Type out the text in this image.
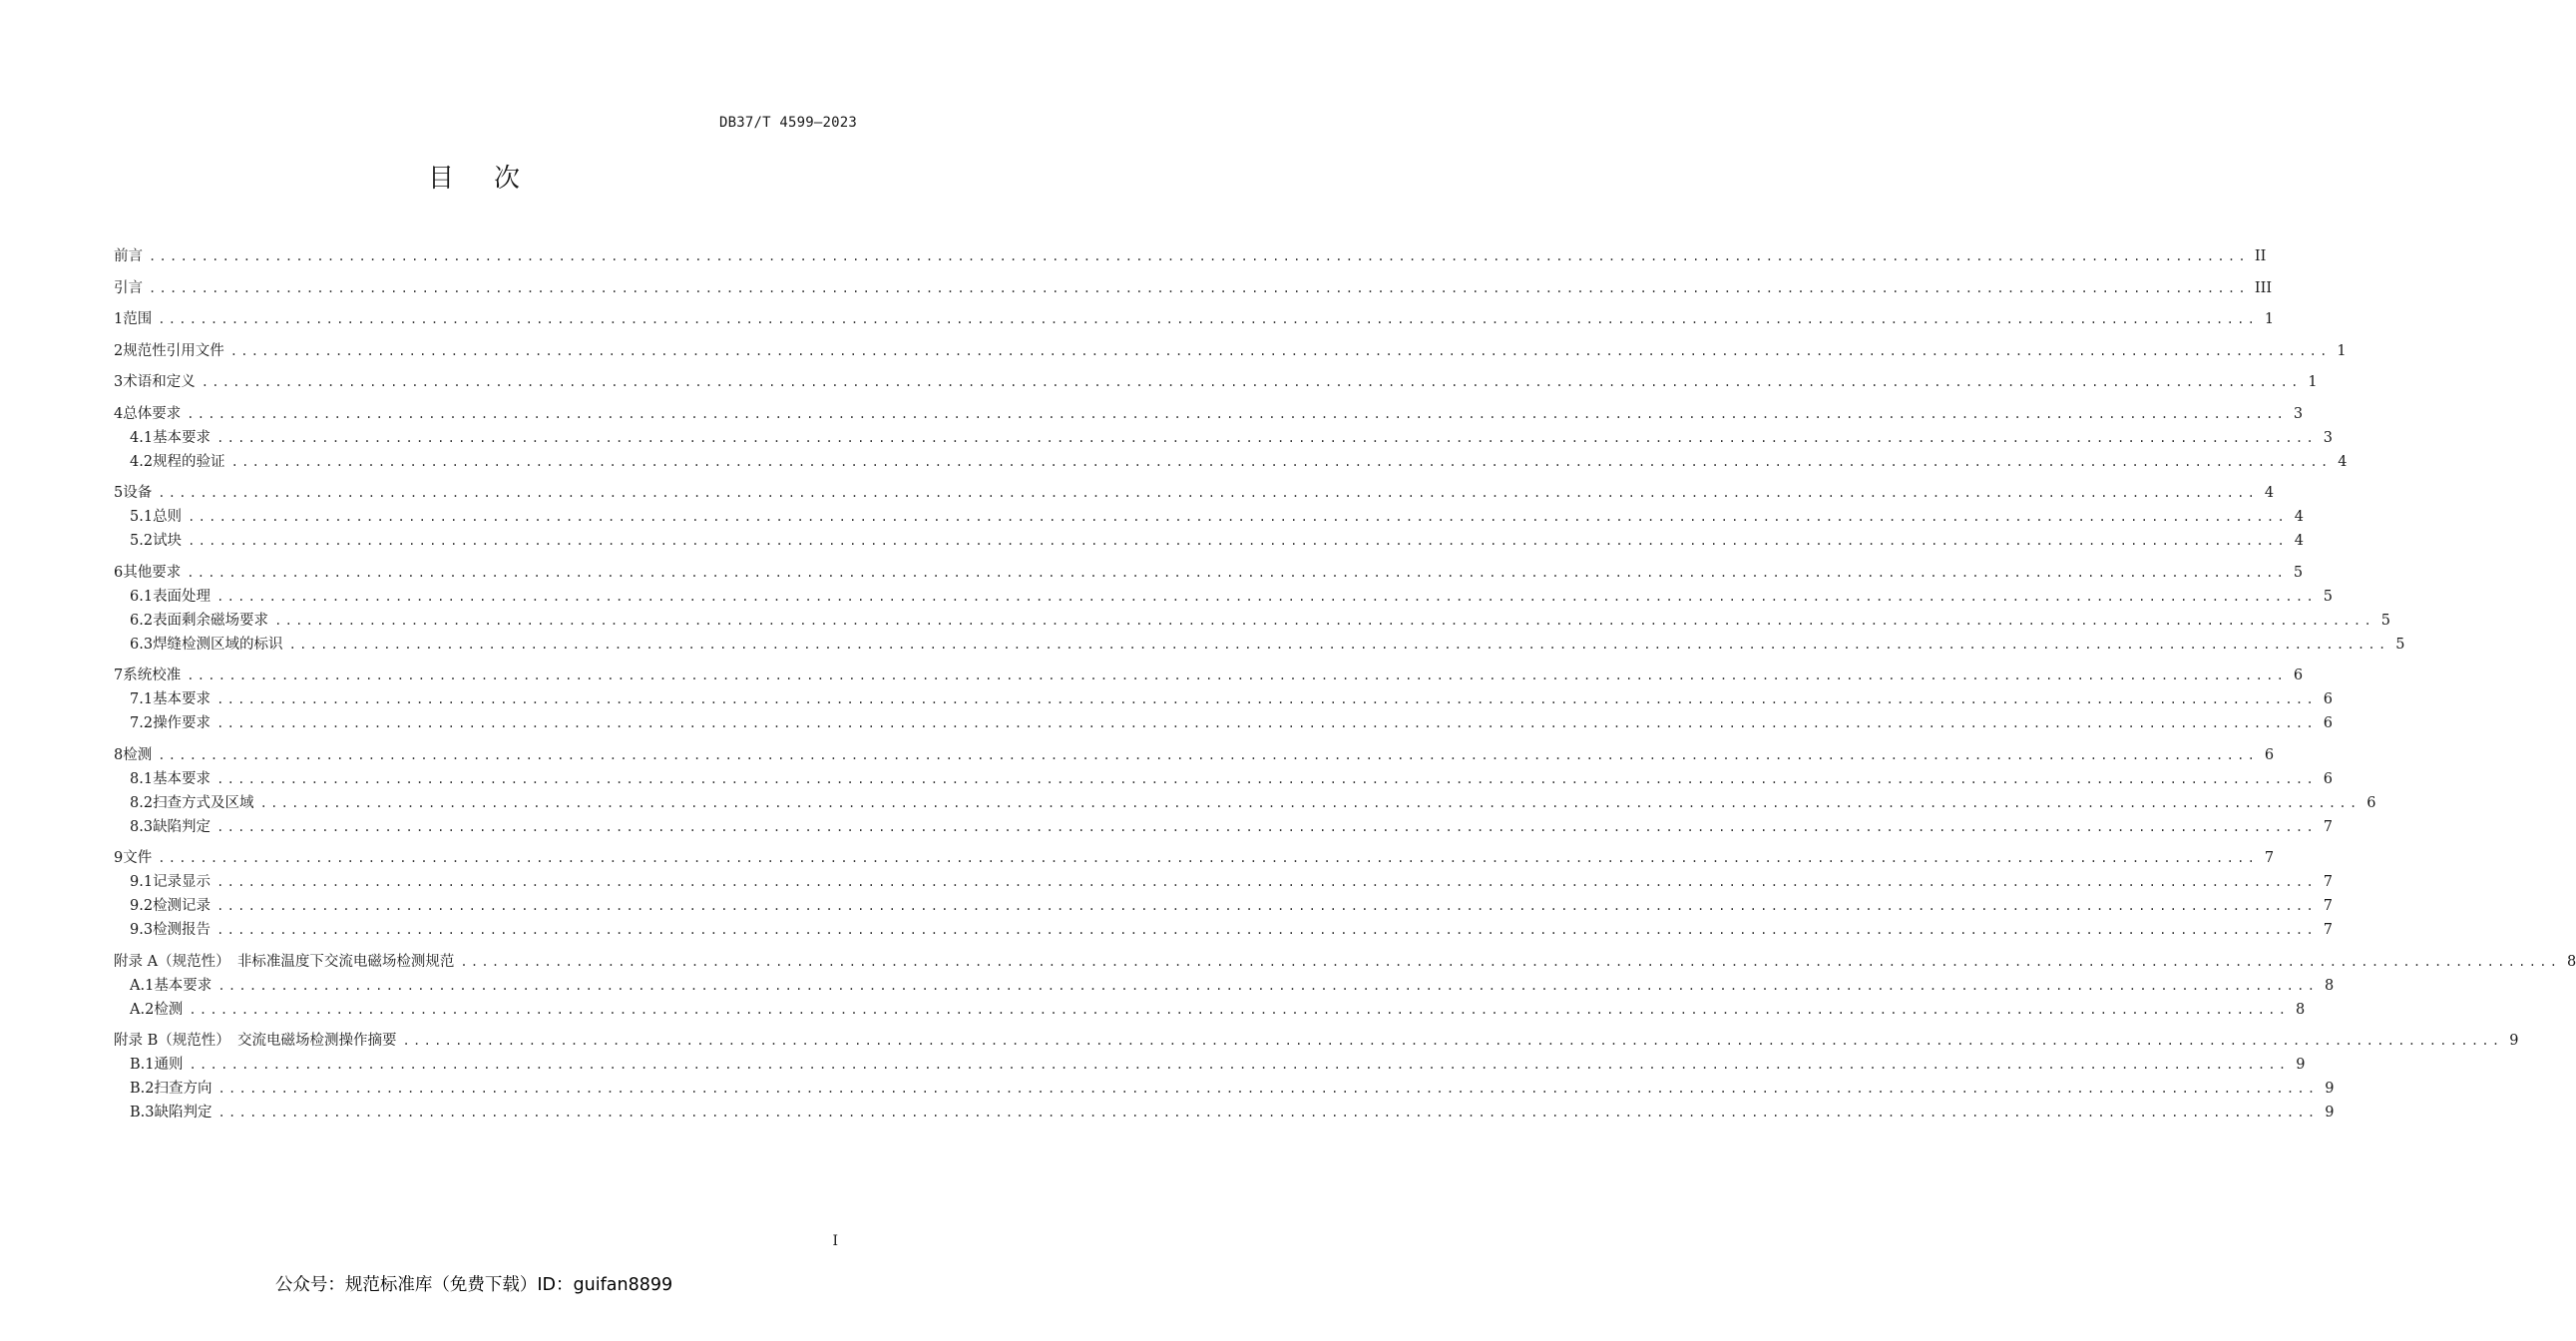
DB37/T 4599—2023
目次
前言 ........................................................................................................................................................................................................ II
引言 ........................................................................................................................................................................................................ III
1 范围 ........................................................................................................................................................................................................ 1
2 规范性引用文件 ........................................................................................................................................................................................................ 1
3 术语和定义 ........................................................................................................................................................................................................ 1
4 总体要求 ........................................................................................................................................................................................................ 3
4.1 基本要求 ........................................................................................................................................................................................................ 3
4.2 规程的验证 ........................................................................................................................................................................................................ 4
5 设备 ........................................................................................................................................................................................................ 4
5.1 总则 ........................................................................................................................................................................................................ 4
5.2 试块 ........................................................................................................................................................................................................ 4
6 其他要求 ........................................................................................................................................................................................................ 5
6.1 表面处理 ........................................................................................................................................................................................................ 5
6.2 表面剩余磁场要求 ........................................................................................................................................................................................................ 5
6.3 焊缝检测区域的标识 ........................................................................................................................................................................................................ 5
7 系统校准 ........................................................................................................................................................................................................ 6
7.1 基本要求 ........................................................................................................................................................................................................ 6
7.2 操作要求 ........................................................................................................................................................................................................ 6
8 检测 ........................................................................................................................................................................................................ 6
8.1 基本要求 ........................................................................................................................................................................................................ 6
8.2 扫查方式及区域 ........................................................................................................................................................................................................ 6
8.3 缺陷判定 ........................................................................................................................................................................................................ 7
9 文件 ........................................................................................................................................................................................................ 7
9.1 记录显示 ........................................................................................................................................................................................................ 7
9.2 检测记录 ........................................................................................................................................................................................................ 7
9.3 检测报告 ........................................................................................................................................................................................................ 7
附录 A（规范性）　非标准温度下交流电磁场检测规范 ........................................................................................................................................................................................................ 8
A.1 基本要求 ........................................................................................................................................................................................................ 8
A.2 检测 ........................................................................................................................................................................................................ 8
附录 B（规范性）　交流电磁场检测操作摘要 ........................................................................................................................................................................................................ 9
B.1 通则 ........................................................................................................................................................................................................ 9
B.2 扫查方向 ........................................................................................................................................................................................................ 9
B.3 缺陷判定 ........................................................................................................................................................................................................ 9
I
公众号：规范标准库（免费下载）ID：guifan8899
